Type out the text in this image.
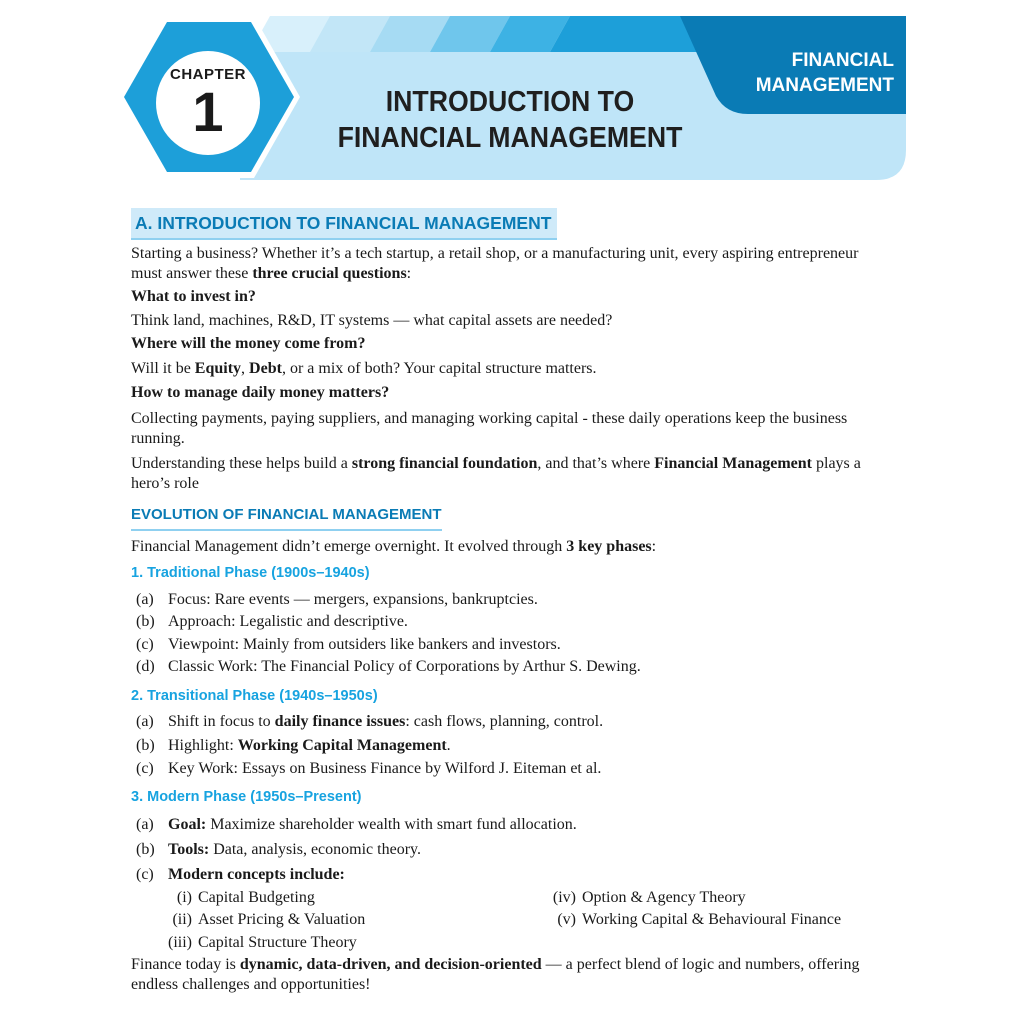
CHAPTER
1	INTRODUCTION TO
FINANCIAL MANAGEMENT
FINANCIAL
MANAGEMENT
A. INTRODUCTION TO FINANCIAL MANAGEMENT
Starting a business? Whether it’s a tech startup, a retail shop, or a manufacturing unit, every aspiring entrepreneur must answer these three crucial questions:
What to invest in?
Think land, machines, R&D, IT systems — what capital assets are needed?
Where will the money come from?
Will it be Equity, Debt, or a mix of both? Your capital structure matters.
How to manage daily money matters?
Collecting payments, paying suppliers, and managing working capital - these daily operations keep the business running.
Understanding these helps build a strong financial foundation, and that’s where Financial Management plays a hero’s role
EVOLUTION OF FINANCIAL MANAGEMENT
Financial Management didn’t emerge overnight. It evolved through 3 key phases:
1. Traditional Phase (1900s–1940s)
(a) Focus: Rare events — mergers, expansions, bankruptcies.
(b) Approach: Legalistic and descriptive.
(c) Viewpoint: Mainly from outsiders like bankers and investors.
(d) Classic Work: The Financial Policy of Corporations by Arthur S. Dewing.
2. Transitional Phase (1940s–1950s)
(a) Shift in focus to daily finance issues: cash flows, planning, control.
(b) Highlight: Working Capital Management.
(c) Key Work: Essays on Business Finance by Wilford J. Eiteman et al.
3. Modern Phase (1950s–Present)
(a) Goal: Maximize shareholder wealth with smart fund allocation.
(b) Tools: Data, analysis, economic theory.
(c) Modern concepts include:
(i) Capital Budgeting
(ii) Asset Pricing & Valuation
(iii) Capital Structure Theory
(iv) Option & Agency Theory
(v) Working Capital & Behavioural Finance
Finance today is dynamic, data-driven, and decision-oriented — a perfect blend of logic and numbers, offering endless challenges and opportunities!
